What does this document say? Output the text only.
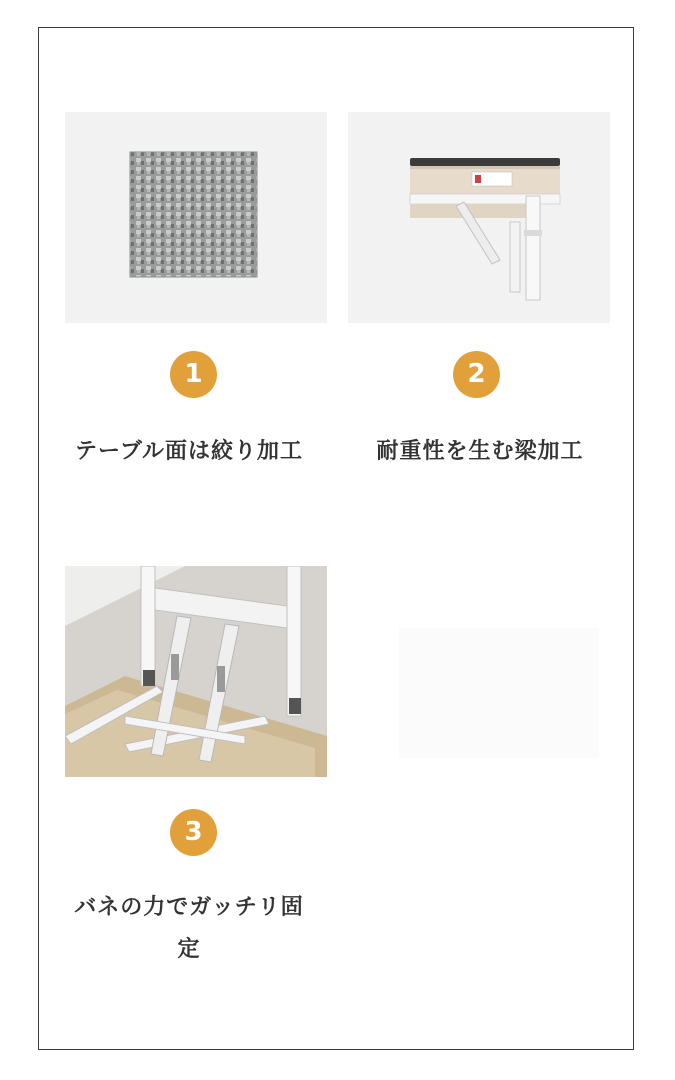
1	2
3
テーブル面は絞り加工	耐重性を生む梁加工
バネの力でガッチリ固定
